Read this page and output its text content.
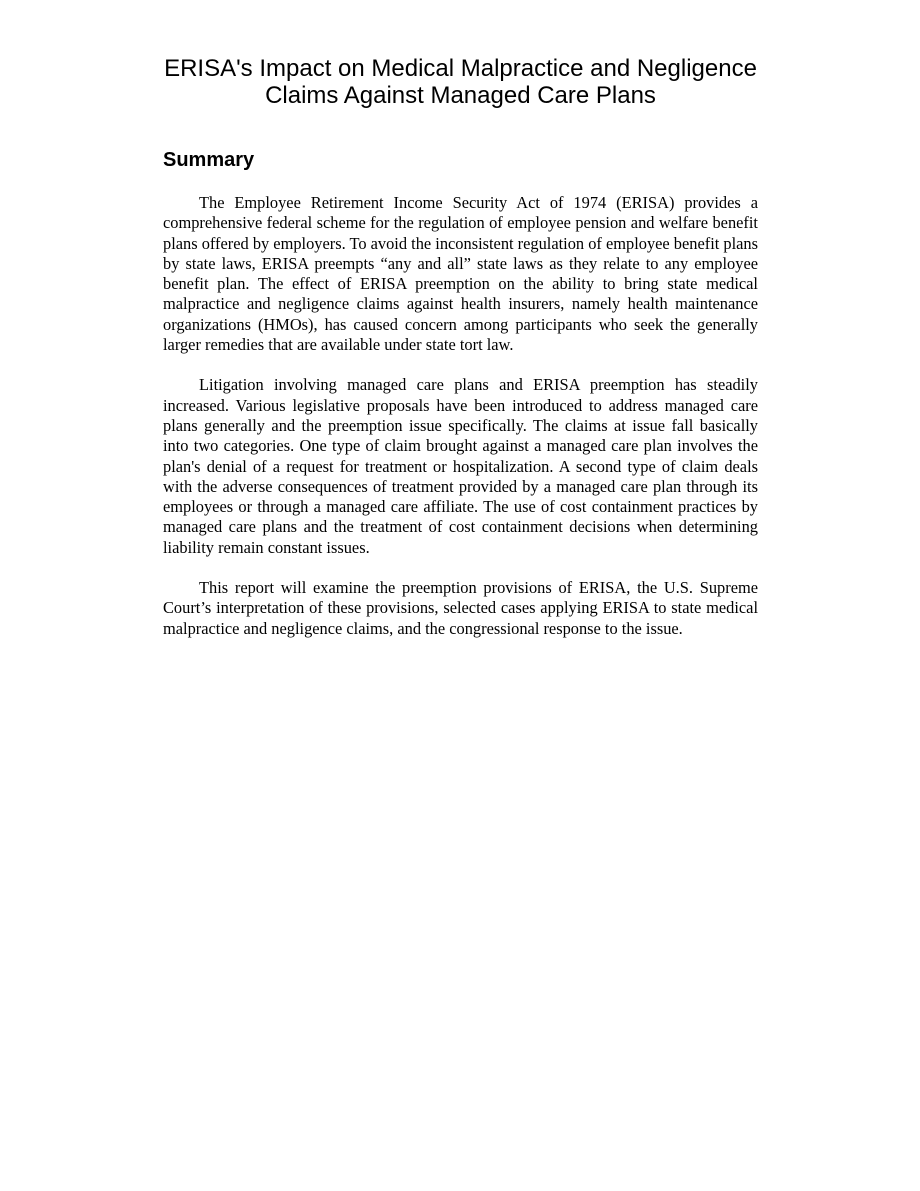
ERISA's Impact on Medical Malpractice and Negligence Claims Against Managed Care Plans
Summary

The Employee Retirement Income Security Act of 1974 (ERISA) provides a comprehensive federal scheme for the regulation of employee pension and welfare benefit plans offered by employers. To avoid the inconsistent regulation of employee benefit plans by state laws, ERISA preempts “any and all” state laws as they relate to any employee benefit plan. The effect of ERISA preemption on the ability to bring state medical malpractice and negligence claims against health insurers, namely health maintenance organizations (HMOs), has caused concern among participants who seek the generally larger remedies that are available under state tort law.

Litigation involving managed care plans and ERISA preemption has steadily increased. Various legislative proposals have been introduced to address managed care plans generally and the preemption issue specifically. The claims at issue fall basically into two categories. One type of claim brought against a managed care plan involves the plan's denial of a request for treatment or hospitalization. A second type of claim deals with the adverse consequences of treatment provided by a managed care plan through its employees or through a managed care affiliate. The use of cost containment practices by managed care plans and the treatment of cost containment decisions when determining liability remain constant issues.

This report will examine the preemption provisions of ERISA, the U.S. Supreme Court’s interpretation of these provisions, selected cases applying ERISA to state medical malpractice and negligence claims, and the congressional response to the issue.
